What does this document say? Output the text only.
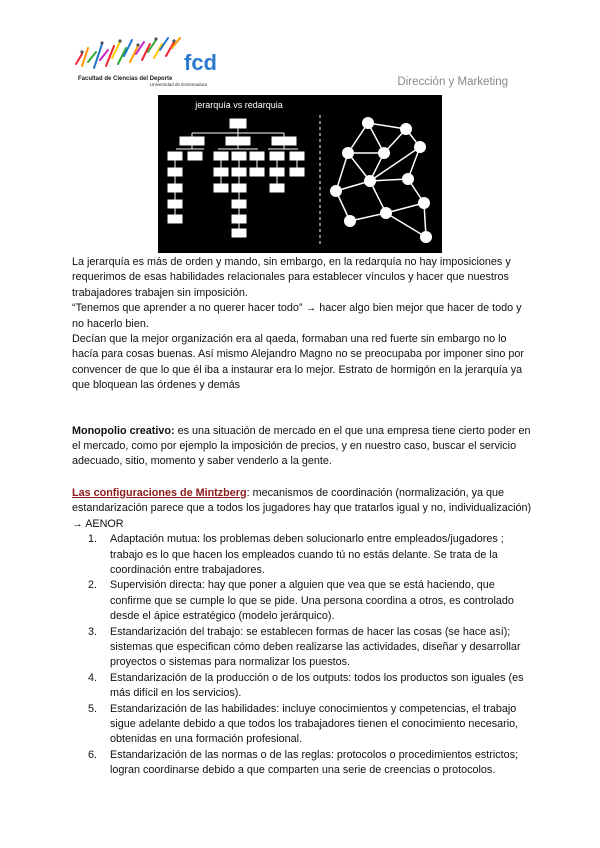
fcd
Facultad de Ciencias del Deporte
Universidad de Extremadura	Dirección y Marketing
jerarquía vs redarquia

La jerarquía es más de orden y mando, sin embargo, en la redarquía no hay imposiciones y requerimos de esas habilidades relacionales para establecer vínculos y hacer que nuestros trabajadores trabajen sin imposición.

“Tenemos que aprender a no querer hacer todo” → hacer algo bien mejor que hacer de todo y no hacerlo bien.

Decían que la mejor organización era al qaeda, formaban una red fuerte sin embargo no lo hacía para cosas buenas. Así mismo Alejandro Magno no se preocupaba por imponer sino por convencer de que lo que él iba a instaurar era lo mejor. Estrato de hormigón en la jerarquía ya que bloquean las órdenes y demás

Monopolio creativo: es una situación de mercado en el que una empresa tiene cierto poder en el mercado, como por ejemplo la imposición de precios, y en nuestro caso, buscar el servicio adecuado, sitio, momento y saber venderlo a la gente.

Las configuraciones de Mintzberg: mecanismos de coordinación (normalización, ya que estandarización parece que a todos los jugadores hay que tratarlos igual y no, individualización) → AENOR

1. Adaptación mutua: los problemas deben solucionarlo entre empleados/jugadores ; trabajo es lo que hacen los empleados cuando tú no estás delante. Se trata de la coordinación entre trabajadores.
2. Supervisión directa: hay que poner a alguien que vea que se está haciendo, que confirme que se cumple lo que se pide. Una persona coordina a otros, es controlado desde el ápice estratégico (modelo jerárquico).
3. Estandarización del trabajo: se establecen formas de hacer las cosas (se hace así); sistemas que especifican cómo deben realizarse las actividades, diseñar y desarrollar proyectos o sistemas para normalizar los puestos.
4. Estandarización de la producción o de los outputs: todos los productos son iguales (es más difícil en los servicios).
5. Estandarización de las habilidades: incluye conocimientos y competencias, el trabajo sigue adelante debido a que todos los trabajadores tienen el conocimiento necesario, obtenidas en una formación profesional.
6. Estandarización de las normas o de las reglas: protocolos o procedimientos estrictos; logran coordinarse debido a que comparten una serie de creencias o protocolos.
